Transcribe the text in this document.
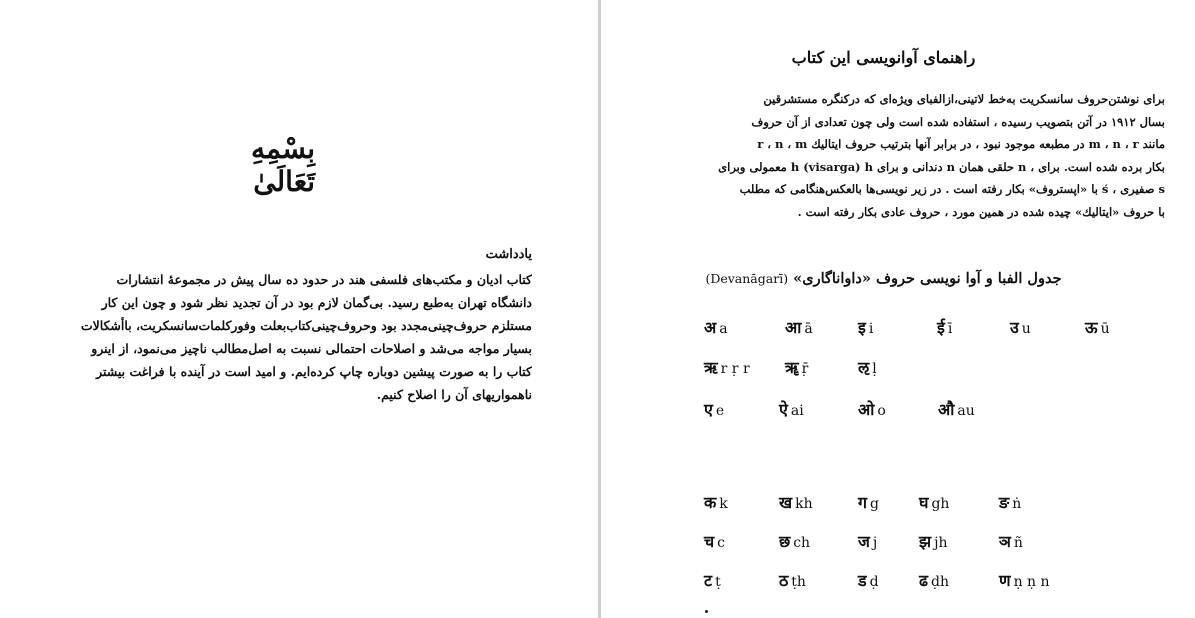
بِسْمِهِ تَعَالَىٰ
يادداشت
كتاب اديان و مكتب‌هاى فلسفى هند در حدود ده سال پيش در مجموعهٔ انتشارات
دانشگاه تهران بەطبع رسيد. بى‌گمان لازم بود در آن تجديد نظر شود و چون اين كار
مستلزم حروف‌چينى‌مجدد بود وحروف‌چينى‌كتاب‌بعلت وفوركلمات‌سانسكريت، باأشكالات
بسيار مواجه مى‌شد و اصلاحات احتمالى نسبت به اصل‌مطالب ناچيز مى‌نمود، از اينرو
كتاب را به صورت پيشين دوباره چاپ كرده‌ايم. و اميد است در آينده با فراغت بيشتر
ناهمواريهاى آن را اصلاح كنيم.
راهنماى آوانويسى اين كتاب
براى نوشتن‌حروف سانسكريت به‌خط لاتينى،ازالفباى ويژه‌اى كه دركنگره مستشرقين
بسال ۱۹۱۲ در آتن بتصويب رسيده ، استفاده شده است ولى چون تعدادى از آن حروف
مانند m ، n ، r در مطبعه موجود نبود ، در برابر آنها بترتيب حروف ايتاليك r ، n ، m
بكار برده شده است. براى ، n حلقى همان n دندانى و براى h (visarga) h معمولى وبراى
s صفيرى ، ś با «اپستروف» بكار رفته است . در زير نويسى‌ها بالعكس‌هنگامى كه مطلب
با حروف «ايتاليك» چيده شده در همين مورد ، حروف عادى بكار رفته است .
جدول الفبا و آوا نويسى حروف «داواناگارى» (Devanāgarī)
अ a	आ ā	इ i	ई ī	उ u	ऊ ū
ऋ r ṛ r ॠ ṝ	ऌ ḷ
ए e	ऐ ai	ओ o	औ au
क k	ख kh	ग g	घ gh	ङ ṅ
च c	छ ch	ज j	झ jh	ञ ñ
ट ṭ	ठ ṭh	ड ḍ	ढ ḍh	ण ṇ ṇ n
